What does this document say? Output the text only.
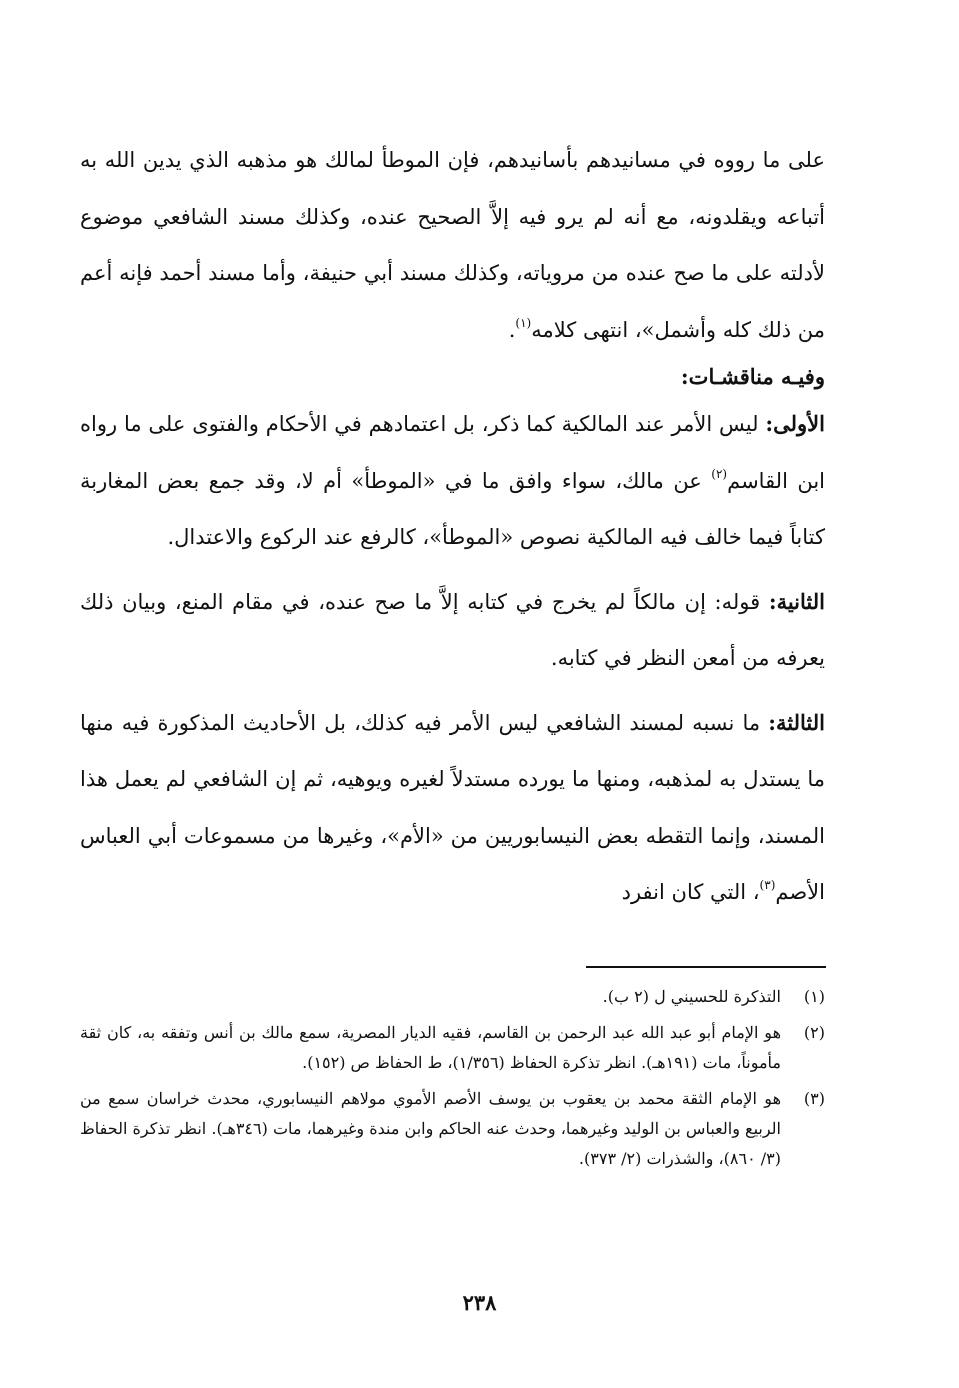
على ما رووه في مسانيدهم بأسانيدهم، فإن الموطأ لمالك هو مذهبه الذي يدين الله به أتباعه ويقلدونه، مع أنه لم يرو فيه إلاَّ الصحيح عنده، وكذلك مسند الشافعي موضوع لأدلته على ما صح عنده من مروياته، وكذلك مسند أبي حنيفة، وأما مسند أحمد فإنه أعم من ذلك كله وأشمل»، انتهى كلامه$^{(١)}$.

وفيـه مناقشـات:

الأولى: ليس الأمر عند المالكية كما ذكر، بل اعتمادهم في الأحكام والفتوى على ما رواه ابن القاسم$^{(٢)}$ عن مالك، سواء وافق ما في «الموطأ» أم لا، وقد جمع بعض المغاربة كتاباً فيما خالف فيه المالكية نصوص «الموطأ»، كالرفع عند الركوع والاعتدال.

الثانية: قوله: إن مالكاً لم يخرج في كتابه إلاَّ ما صح عنده، في مقام المنع، وبيان ذلك يعرفه من أمعن النظر في كتابه.

الثالثة: ما نسبه لمسند الشافعي ليس الأمر فيه كذلك، بل الأحاديث المذكورة فيه منها ما يستدل به لمذهبه، ومنها ما يورده مستدلاً لغيره ويوهيه، ثم إن الشافعي لم يعمل هذا المسند، وإنما التقطه بعض النيسابوريين من «الأم»، وغيرها من مسموعات أبي العباس الأصم$^{(٣)}$، التي كان انفرد

(١)
التذكرة للحسيني ل (٢ ب).
(٢)
هو الإمام أبو عبد الله عبد الرحمن بن القاسم، فقيه الديار المصرية، سمع مالك بن أنس وتفقه به، كان ثقة مأموناً، مات (١٩١هـ). انظر تذكرة الحفاظ (١/٣٥٦)، ط الحفاظ ص (١٥٢).
(٣)
هو الإمام الثقة محمد بن يعقوب بن يوسف الأصم الأموي مولاهم النيسابوري، محدث خراسان سمع من الربيع والعباس بن الوليد وغيرهما، وحدث عنه الحاكم وابن مندة وغيرهما، مات (٣٤٦هـ). انظر تذكرة الحفاظ (٣/ ٨٦٠)، والشذرات (٢/ ٣٧٣).
٢٣٨
